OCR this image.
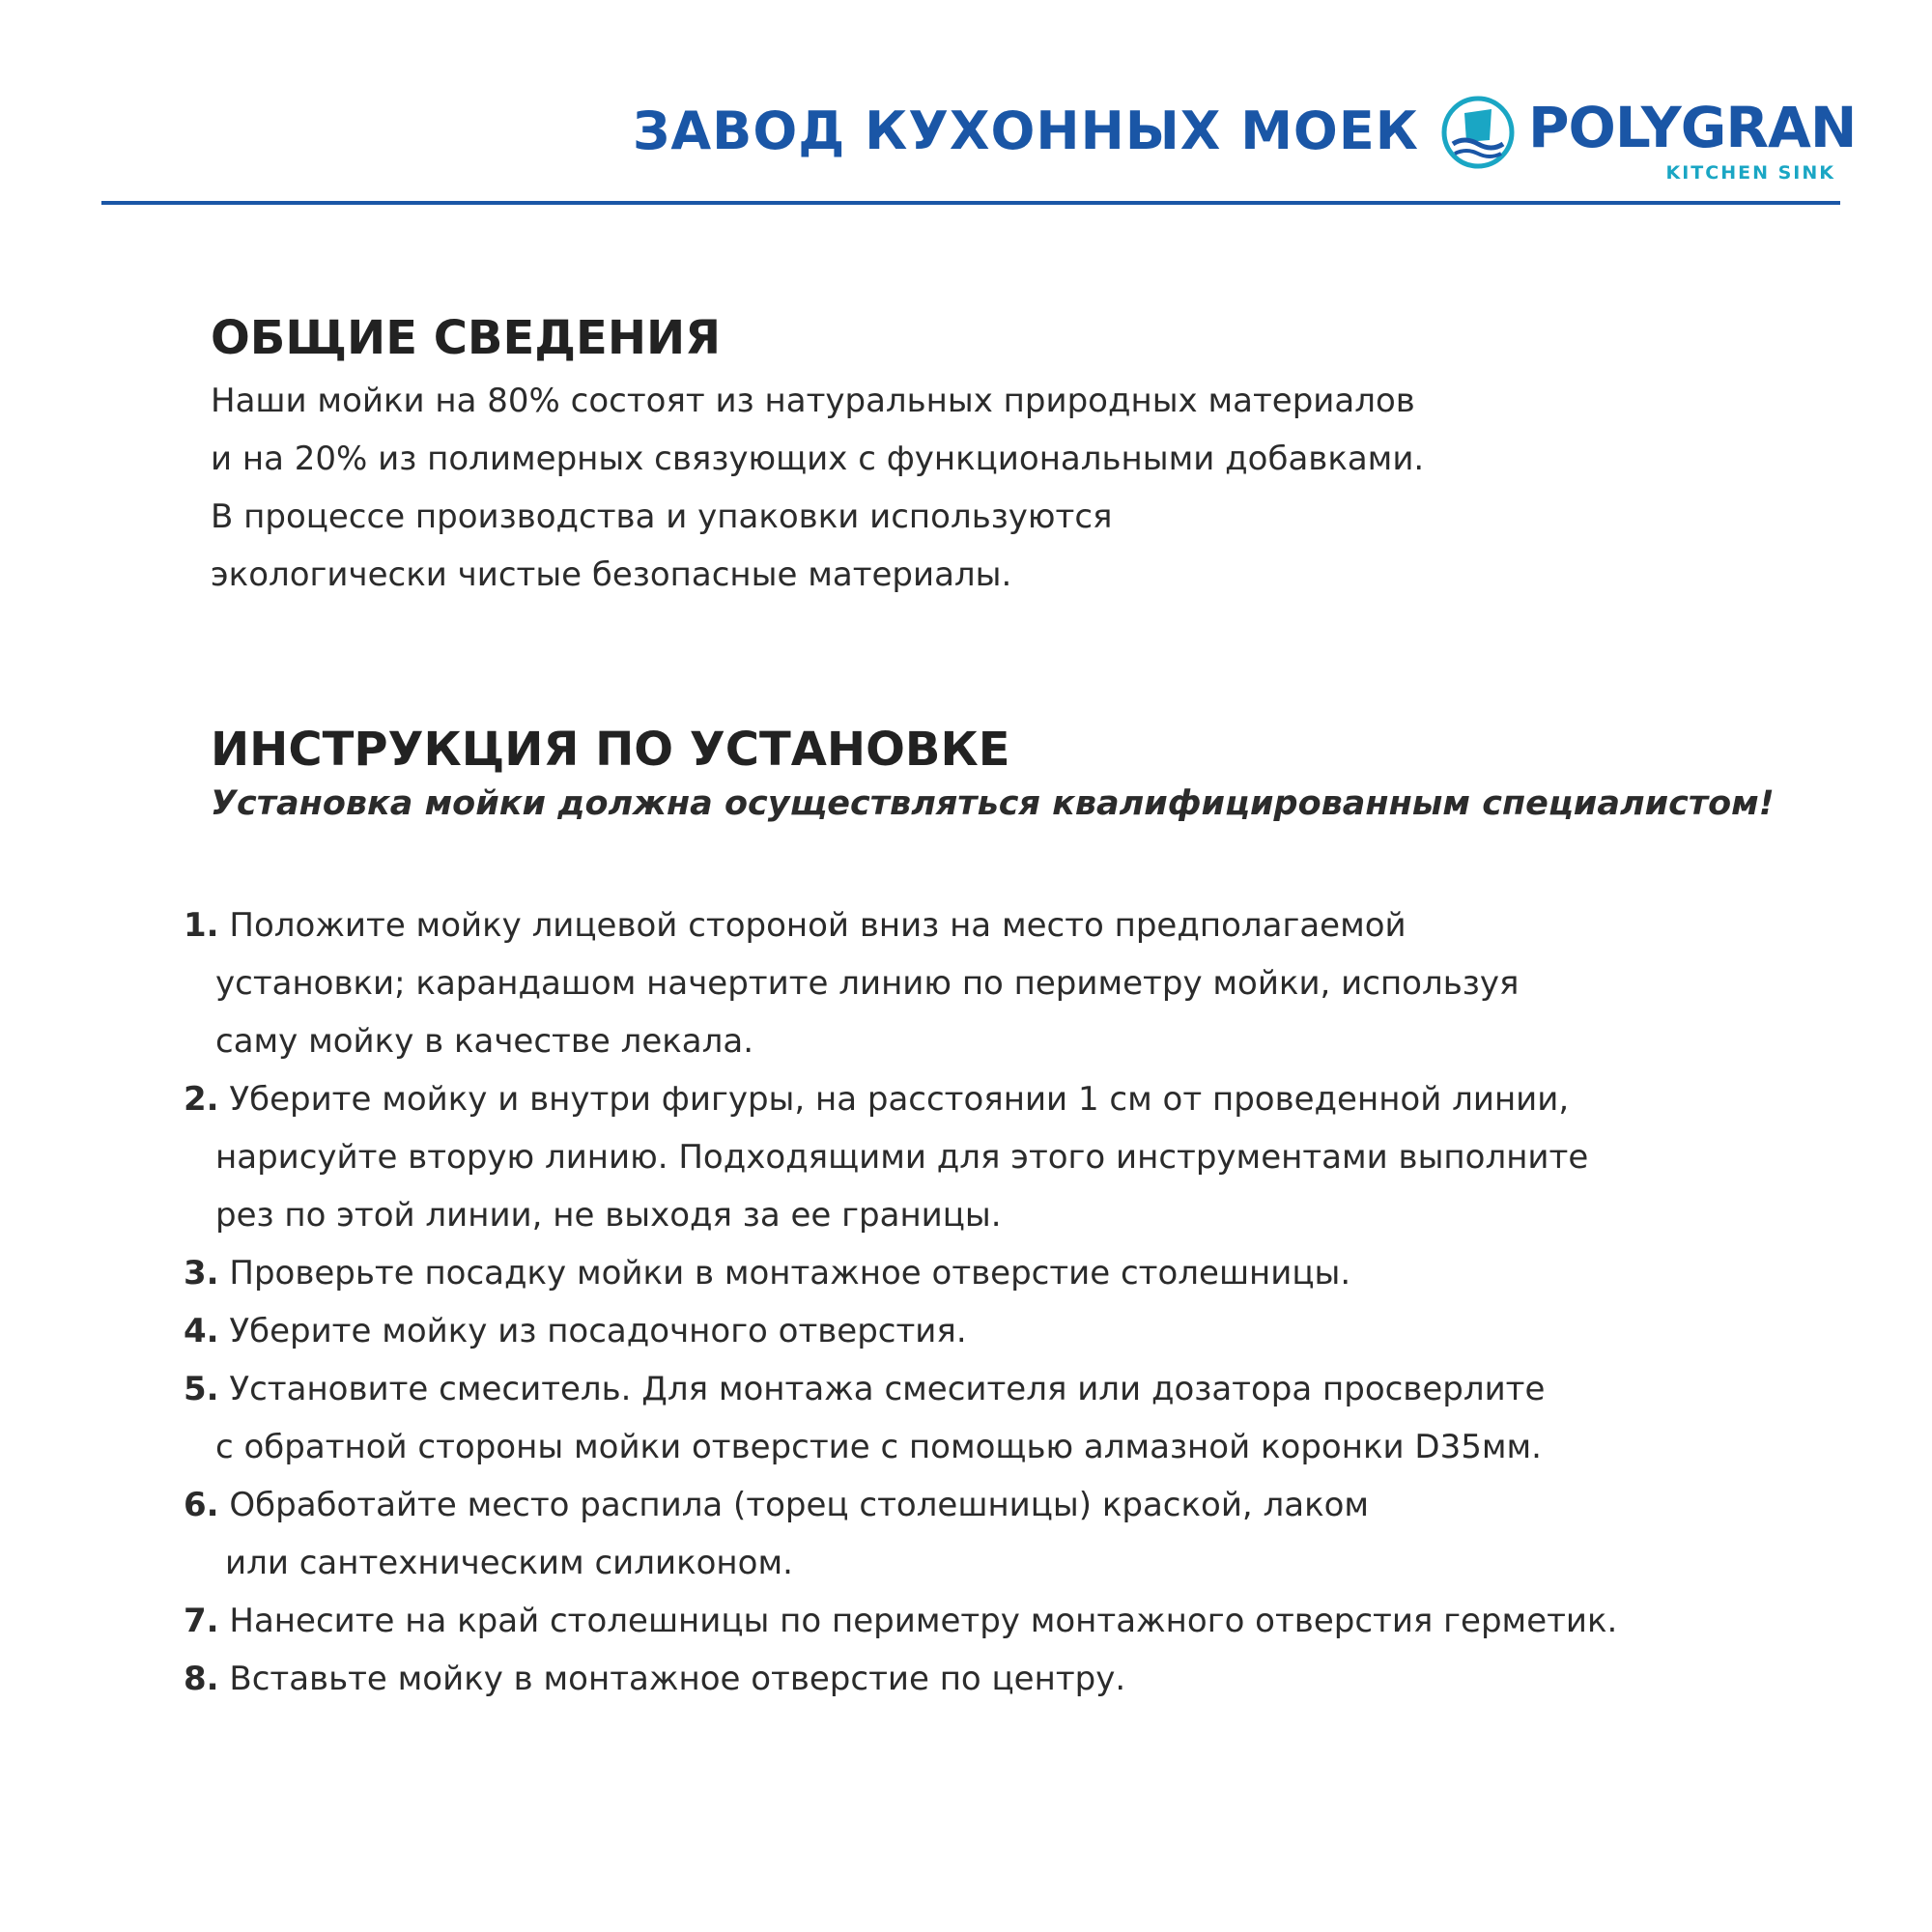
ЗАВОД КУХОННЫХ МОЕК POLYGRAN
KITCHEN SINK
ОБЩИЕ СВЕДЕНИЯ
Наши мойки на 80% состоят из натуральных природных материалов
и на 20% из полимерных связующих с функциональными добавками.
В процессе производства и упаковки используются
экологически чистые безопасные материалы.
ИНСТРУКЦИЯ ПО УСТАНОВКЕ
Установка мойки должна осуществляться квалифицированным специалистом!
1. Положите мойку лицевой стороной вниз на место предполагаемой
установки; карандашом начертите линию по периметру мойки, используя
саму мойку в качестве лекала.
2. Уберите мойку и внутри фигуры, на расстоянии 1 см от проведенной линии,
нарисуйте вторую линию. Подходящими для этого инструментами выполните
рез по этой линии, не выходя за ее границы.
3. Проверьте посадку мойки в монтажное отверстие столешницы.
4. Уберите мойку из посадочного отверстия.
5. Установите смеситель. Для монтажа смесителя или дозатора просверлите
с обратной стороны мойки отверстие с помощью алмазной коронки D35мм.
6. Обработайте место распила (торец столешницы) краской, лаком
или сантехническим силиконом.
7. Нанесите на край столешницы по периметру монтажного отверстия герметик.
8. Вставьте мойку в монтажное отверстие по центру.
